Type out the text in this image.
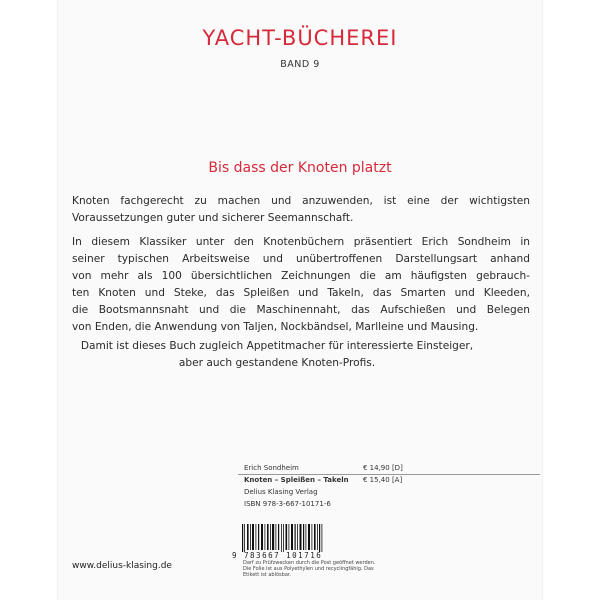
YACHT-BÜCHEREI
BAND 9
Bis dass der Knoten platzt
Knoten fachgerecht zu machen und anzuwenden, ist eine der wichtigsten
Voraussetzungen guter und sicherer Seemannschaft.
In diesem Klassiker unter den Knotenbüchern präsentiert Erich Sondheim in
seiner typischen Arbeitsweise und unübertroffenen Darstellungsart anhand
von mehr als 100 übersichtlichen Zeichnungen die am häufigsten gebrauch-
ten Knoten und Steke, das Spleißen und Takeln, das Smarten und Kleeden,
die Bootsmannsnaht und die Maschinennaht, das Aufschießen und Belegen
von Enden, die Anwendung von Taljen, Nockbändsel, Marlleine und Mausing.
Damit ist dieses Buch zugleich Appetitmacher für interessierte Einsteiger,
aber auch gestandene Knoten-Profis.
Erich Sondheim	€ 14,90 [D]
Knoten – Spleißen – Takeln € 15,40 [A]
Delius Klasing Verlag
ISBN 978-3-667-10171-6
9 783667 101716
Darf zu Prüfzwecken durch die Post geöffnet werden. Die Folie ist aus Polyethylen und recyclingfähig. Das Etikett ist ablösbar.
www.delius-klasing.de
